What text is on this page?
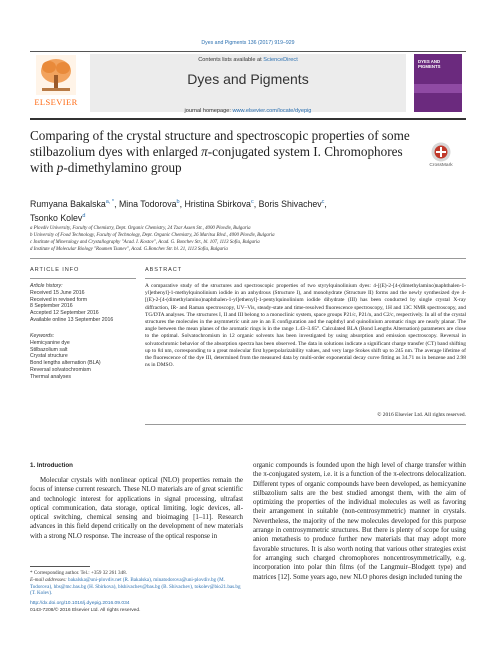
Dyes and Pigments 136 (2017) 919–929
ELSEVIER
Contents lists available at ScienceDirect
Dyes and Pigments
DYES AND PIGMENTS
journal homepage: www.elsevier.com/locate/dyepig
Comparing of the crystal structure and spectroscopic properties of some stilbazolium dyes with enlarged π-conjugated system I. Chromophores with p-dimethylamino group	CrossMark
Rumyana Bakalska$^{a, *}$, Mina Todorova$^b$, Hristina Sbirkova$^c$, Boris Shivachev$^c$,
Tsonko Kolev$^d$
a Plovdiv University, Faculty of Chemistry, Dept. Organic Chemistry, 24 Tzar Assen Str., 4000 Plovdiv, Bulgaria
b University of Food Technology, Faculty of Technology, Dept. Organic Chemistry, 26 Maritsa Blvd., 4000 Plovdiv, Bulgaria
c Institute of Mineralogy and Crystallography "Acad. I. Kostov", Acad. G. Bonchev Str., bl. 107, 1113 Sofia, Bulgaria
d Institute of Molecular Biology "Roumen Tsanev", Acad. G.Bonchev Str. bl. 21, 1113 Sofia, Bulgaria
ARTICLE INFO
Article history:
Received 15 June 2016
Received in revised form
8 September 2016
Accepted 12 September 2016
Available online 13 September 2016
Keywords:
Hemicyanine dye
Stilbazolium salt
Crystal structure
Bond lengths alternation (BLA)
Reversal solvatochromism
Thermal analyses
ABSTRACT
A comparative study of the structures and spectroscopic properties of two styrylquinolinium dyes: 4-[(E)-2-[4-(dimethylamino)naphthalen-1-yl]ethenyl]-1-methylquinolinium iodide in an anhydrous (Structure I), and monohydrate (Structure II) forms and the newly synthesized dye 4-[(E)-2-[4-(dimethylamino)naphthalen-1-yl]ethenyl]-1-pentylquinolinium iodide dihydrate (III) has been conducted by single crystal X-ray diffraction, IR- and Raman spectroscopy, UV–Vis, steady-state and time-resolved fluorescence spectroscopy, 1H and 13C NMR spectroscopy, and TG/DTA analyses. The structures I, II and III belong to a monoclinic system, space groups P21/c, P21/n, and C2/c, respectively. In all of the crystal structures the molecules in the asymmetric unit are in an E configuration and the naphthyl and quinolinium aromatic rings are nearly planar. The angle between the mean planes of the aromatic rings is in the range 1.43–3.65°. Calculated BLA (Bond Lengths Alternation) parameters are close to the optimal. Solvatochromism in 12 organic solvents has been investigated by using absorption and emission spectroscopy. Reversal in solvatochromic behavior of the absorption spectra has been observed. The data in solutions indicate a significant charge transfer (CT) band shifting up to 84 nm, corresponding to a great molecular first hyperpolarizability values, and very large Stokes shift up to 245 nm. The average lifetime of the fluorescence of the dye III, determined from the measured data by multi-order exponential decay curve fitting as 34.71 ns in benzene and 2.98 ns in DMSO.
© 2016 Elsevier Ltd. All rights reserved.
1. Introduction
Molecular crystals with nonlinear optical (NLO) properties remain the focus of intense current research. These NLO materials are of great scientific and technologic interest for applications in signal processing, ultrafast optical communication, data storage, optical limiting, logic devices, all-optical switching, chemical sensing and bioimaging [1–11]. Research advances in this field depend critically on the development of new materials with a strong NLO response. The increase of the optical response in
organic compounds is founded upon the high level of charge transfer within the π-conjugated system, i.e. it is a function of the π-electrons delocalization. Different types of organic compounds have been developed, as hemicyanine stilbazolium salts are the best studied amongst them, with the aim of optimizing the properties of the individual molecules as well as favoring their arrangement in suitable (non-centrosymmetric) manner in crystals. Nevertheless, the majority of the new molecules developed for this purpose arrange in centrosymmetric structures. But there is plenty of scope for using anion metathesis to produce further new materials that may adopt more favorable structures. It is also worth noting that various other strategies exist for arranging such charged chromophores noncentrosymmetrically, e.g. incorporation into polar thin films (of the Langmuir–Blodgett type) and matrices [12]. Some years ago, new NLO phores design included tuning the
* Corresponding author. Tel.: +359 32 261 348.
E-mail addresses: bakalska@uni-plovdiv.net (R. Bakalska), minatodorova@uni-plovdiv.bg (M. Todorova), hbs@mc.bas.bg (H. Sbirkova), blshivachev@bas.bg (B. Shivachev), tokolev@bio21.bas.bg (T. Kolev).
http://dx.doi.org/10.1016/j.dyepig.2016.09.034
0143-7208/© 2016 Elsevier Ltd. All rights reserved.
